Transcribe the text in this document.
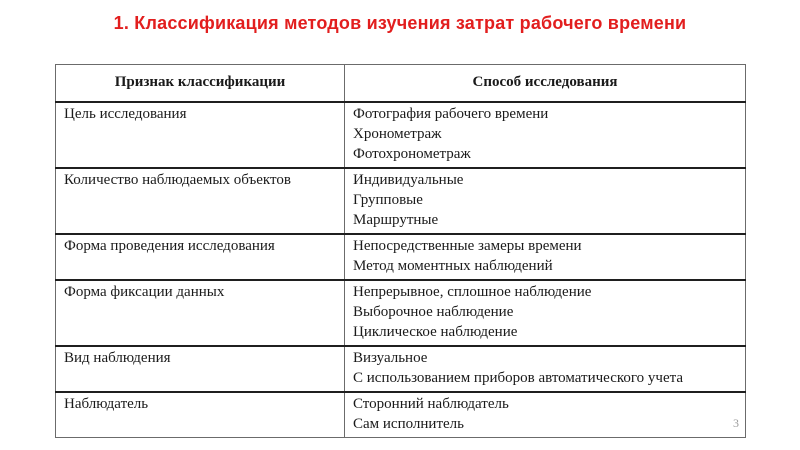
1. Классификация методов изучения затрат рабочего времени
Признак классификации	Способ исследования
Цель исследования	Фотография рабочего времени
Хронометраж
Фотохронометраж

Количество наблюдаемых объектов	Индивидуальные
Групповые
Маршрутные

Форма проведения исследования	Непосредственные замеры времени
Метод моментных наблюдений

Форма фиксации данных	Непрерывное, сплошное наблюдение
Выборочное наблюдение
Циклическое наблюдение

Вид наблюдения	Визуальное
С использованием приборов автоматического учета

Наблюдатель	Сторонний наблюдатель
Сам исполнитель	3
